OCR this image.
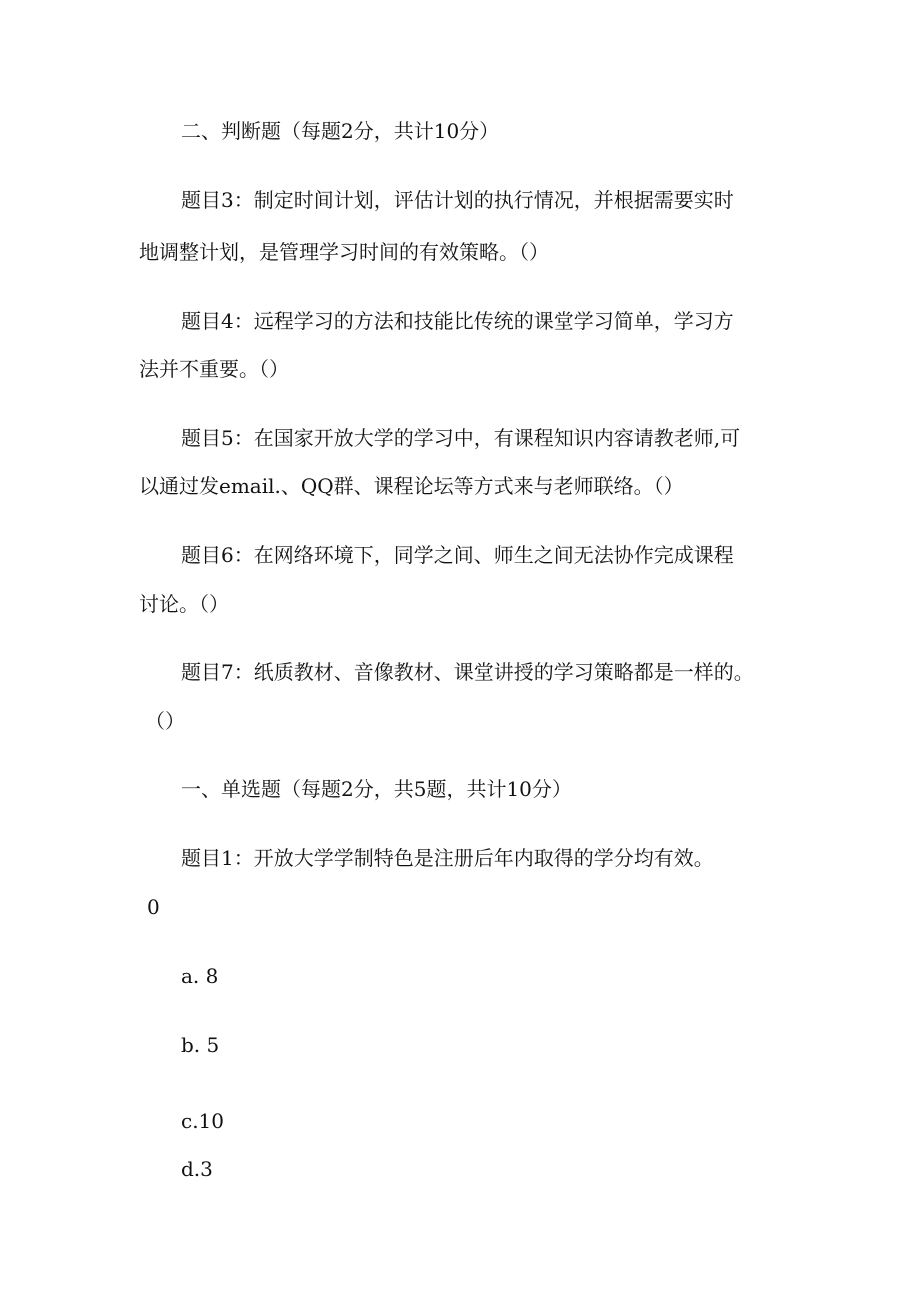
二、判断题（每题2分，共计10分）
题目3：制定时间计划，评估计划的执行情况，并根据需要实时
地调整计划，是管理学习时间的有效策略。（）
题目4：远程学习的方法和技能比传统的课堂学习简单，学习方
法并不重要。（）
题目5：在国家开放大学的学习中，有课程知识内容请教老师,可
以通过发email.、QQ群、课程论坛等方式来与老师联络。（）
题目6：在网络环境下，同学之间、师生之间无法协作完成课程
讨论。（）
题目7：纸质教材、音像教材、课堂讲授的学习策略都是一样的。
（）
一、单选题（每题2分，共5题，共计10分）
题目1：开放大学学制特色是注册后年内取得的学分均有效。
0
a. 8
b. 5
c.10
d.3
